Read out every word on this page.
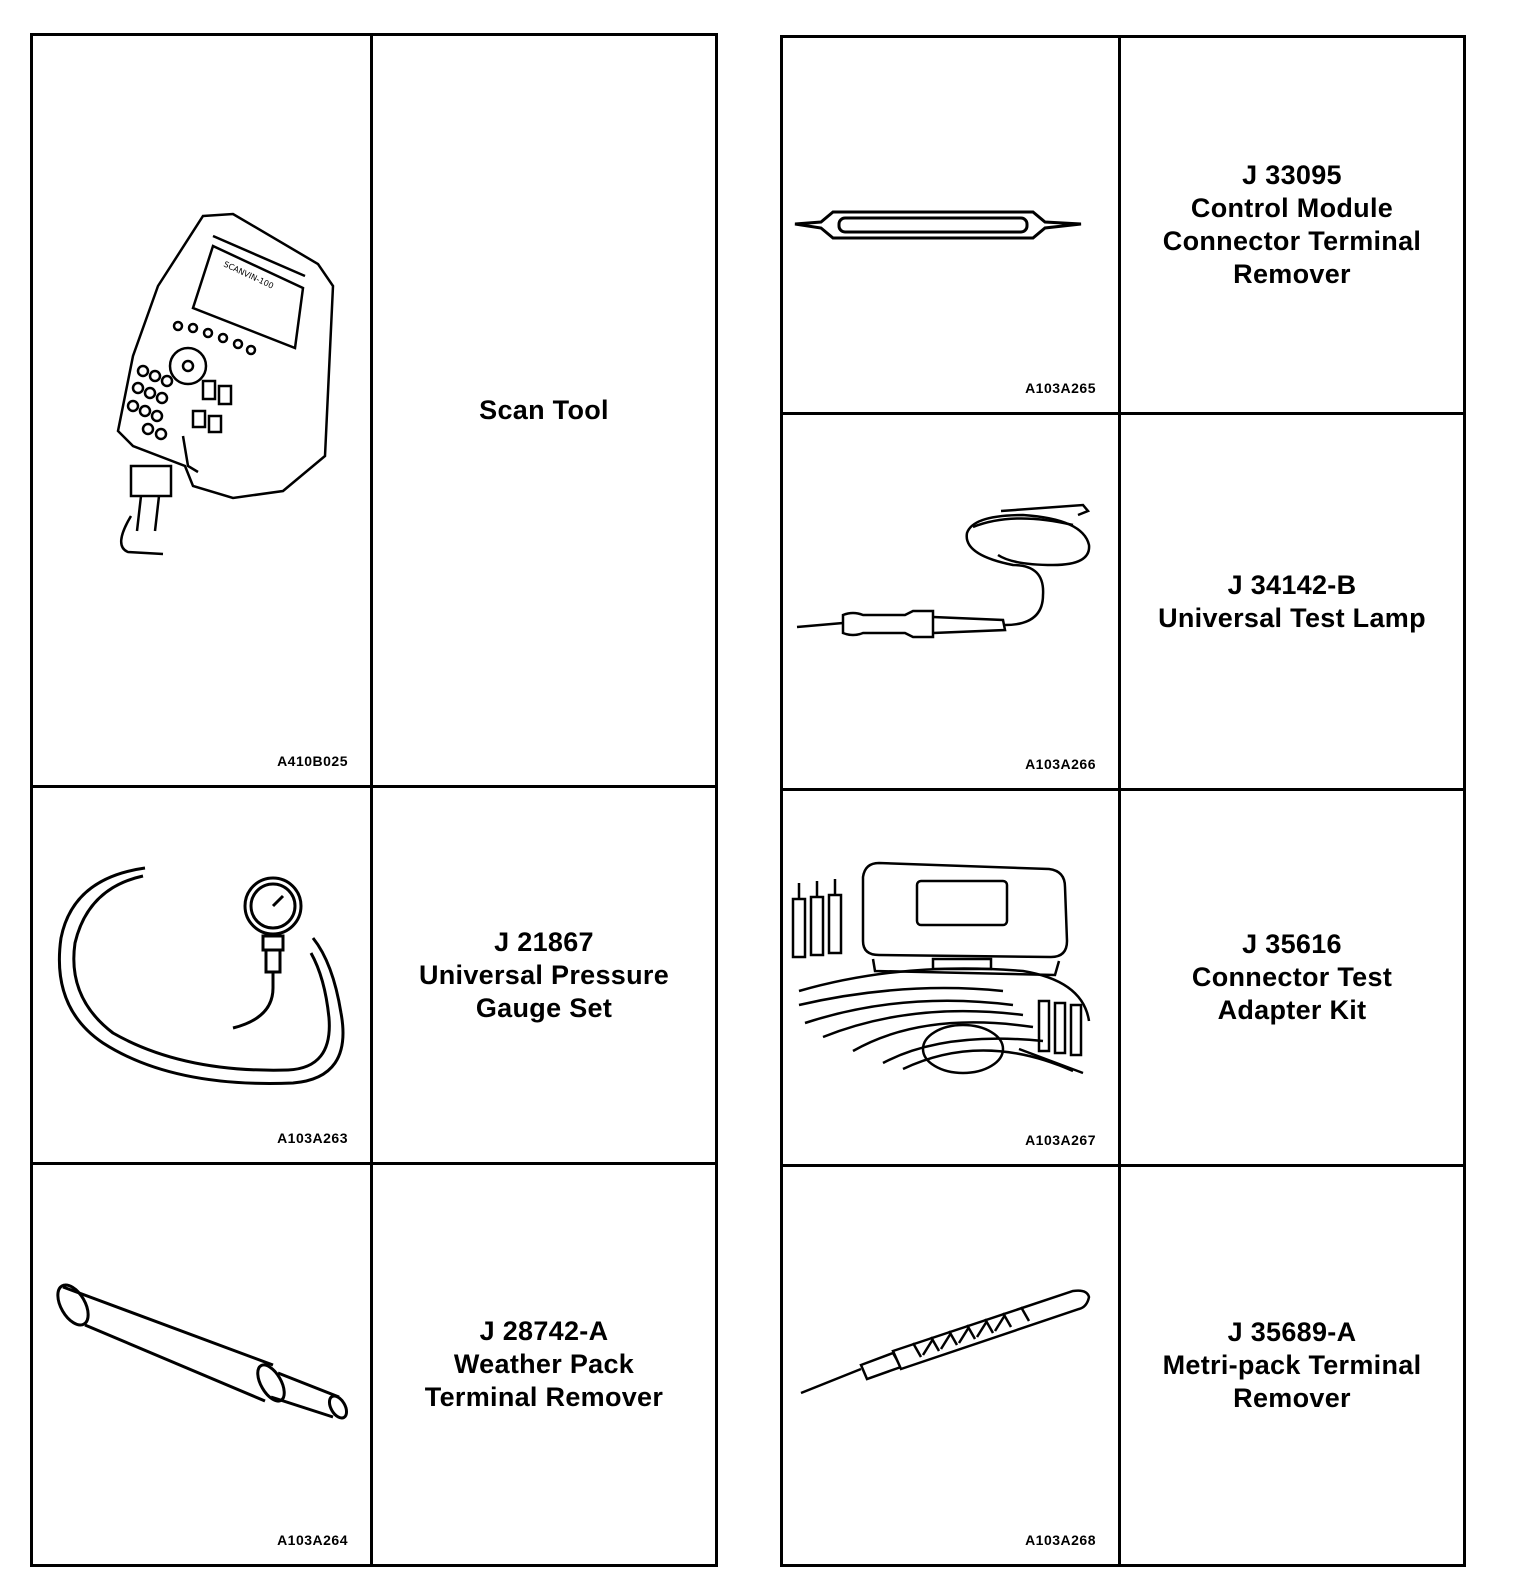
SCANVIN-100
A410B025
Scan Tool
A103A263
J 21867
Universal Pressure
Gauge Set
A103A264
J 28742-A
Weather Pack
Terminal Remover
A103A265
J 33095
Control Module
Connector Terminal
Remover
A103A266
J 34142-B
Universal Test Lamp
A103A267
J 35616
Connector Test
Adapter Kit
A103A268
J 35689-A
Metri-pack Terminal
Remover
